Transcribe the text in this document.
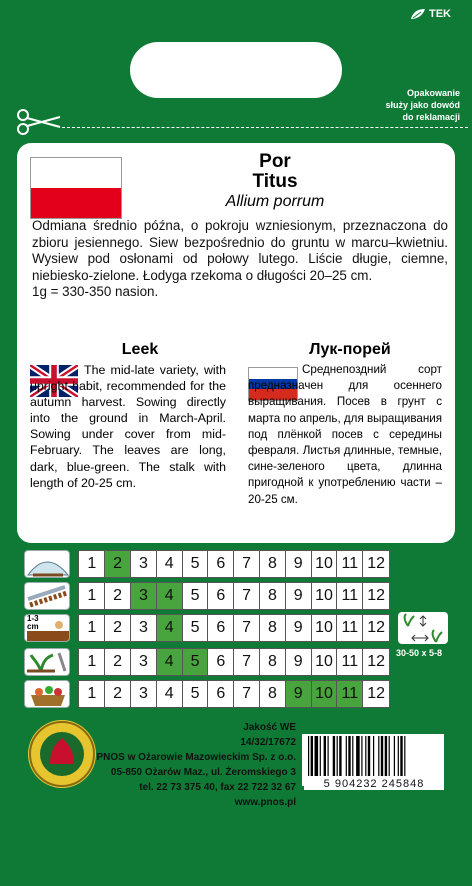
TEK
Opakowanie
służy jako dowód
do reklamacji
Por
Titus
Allium porrum
Odmiana średnio późna, o pokroju wzniesionym, przeznaczona do zbioru jesiennego. Siew bezpośrednio do gruntu w marcu–kwietniu. Wysiew pod osłonami od połowy lutego. Liście długie, ciemne, niebiesko-zielone. Łodyga rzekoma o długości 20–25 cm.
1g = 330-350 nasion.
Leek
The mid-late variety, with upright habit, recommended for the autumn harvest. Sowing directly into the ground in March-April. Sowing under cover from mid-February. The leaves are long, dark, blue-green. The stalk with length of 20-25 cm.
Лук-порей
Среднепоздний сорт предназначен для осеннего выращивания. Посев в грунт с марта по апрель, для выращивания под плёнкой посев с середины февраля. Листья длинные, темные, сине-зеленого цвета, длинна пригодной к употреблению части – 20-25 см.
1	2	3	4	5	6	7	8	9 10 11 12
1	2	3	4	5	6	7	8	9 10 11 12
1-3 cm	1	2	3	4	5	6	7	8	9 10 11 12
1	2	3	4	5	6	7	8	9 10 11 12
1	2	3	4	5	6	7	8	9 10 11 12
30-50 x 5-8
Jakość WE
14/32/17672
PNOS w Ożarowie Mazowieckim Sp. z o.o.
05-850 Ożarów Maz., ul. Żeromskiego 3
tel. 22 73 375 40, fax 22 722 32 67
www.pnos.pl
5 904232 245848
